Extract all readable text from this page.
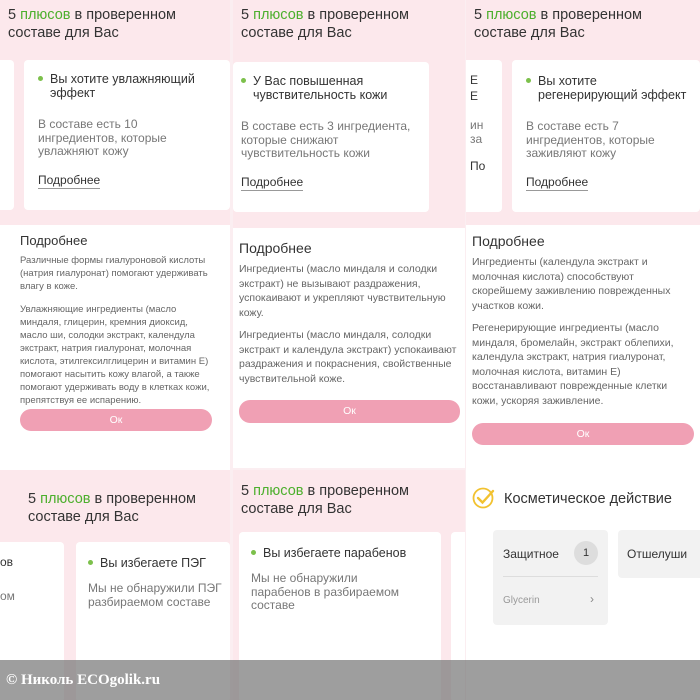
5 плюсов в проверенном
составе для Вас
Вы хотите увлажняющий эффект
В составе есть 10 ингредиентов, которые увлажняют кожу
Подробнее
5 плюсов в проверенном
составе для Вас
У Вас повышенная чувствительность кожи
В составе есть 3 ингредиента, которые снижают чувствительность кожи
Подробнее
5 плюсов в проверенном
составе для Вас
Е
Е
ин
за
По
Вы хотите регенерирующий эффект
В составе есть 7 ингредиентов, которые заживляют кожу
Подробнее
Подробнее
Различные формы гиалуроновой кислоты (натрия гиалуронат) помогают удерживать влагу в коже.
Увлажняющие ингредиенты (масло миндаля, глицерин, кремния диоксид, масло ши, солодки экстракт, календула экстракт, натрия гиалуронат, молочная кислота, этилгексилглицерин и витамин Е) помогают насытить кожу влагой, а также помогают удерживать воду в клетках кожи, препятствуя ее испарению.
Ок
Подробнее
Ингредиенты (масло миндаля и солодки экстракт) не вызывают раздражения, успокаивают и укрепляют чувствительную кожу.
Ингредиенты (масло миндаля, солодки экстракт и календула экстракт) успокаивают раздражения и покраснения, свойственные чувствительной коже.
Ок
Подробнее
Ингредиенты (календула экстракт и молочная кислота) способствуют скорейшему заживлению поврежденных участков кожи.
Регенерирующие ингредиенты (масло миндаля, бромелайн, экстракт облепихи, календула экстракт, натрия гиалуронат, молочная кислота, витамин Е) восстанавливают поврежденные клетки кожи, ускоряя заживление.
Ок
5 плюсов в проверенном
составе для Вас
ов
ом
Вы избегаете ПЭГ
Мы не обнаружили ПЭГ разбираемом составе
5 плюсов в проверенном
составе для Вас
Вы избегаете парабенов
Мы не обнаружили парабенов в разбираемом составе
Косметическое действие
Защитное	1
Glycerin	›
Отшелуши
© Николь ECOgolik.ru
